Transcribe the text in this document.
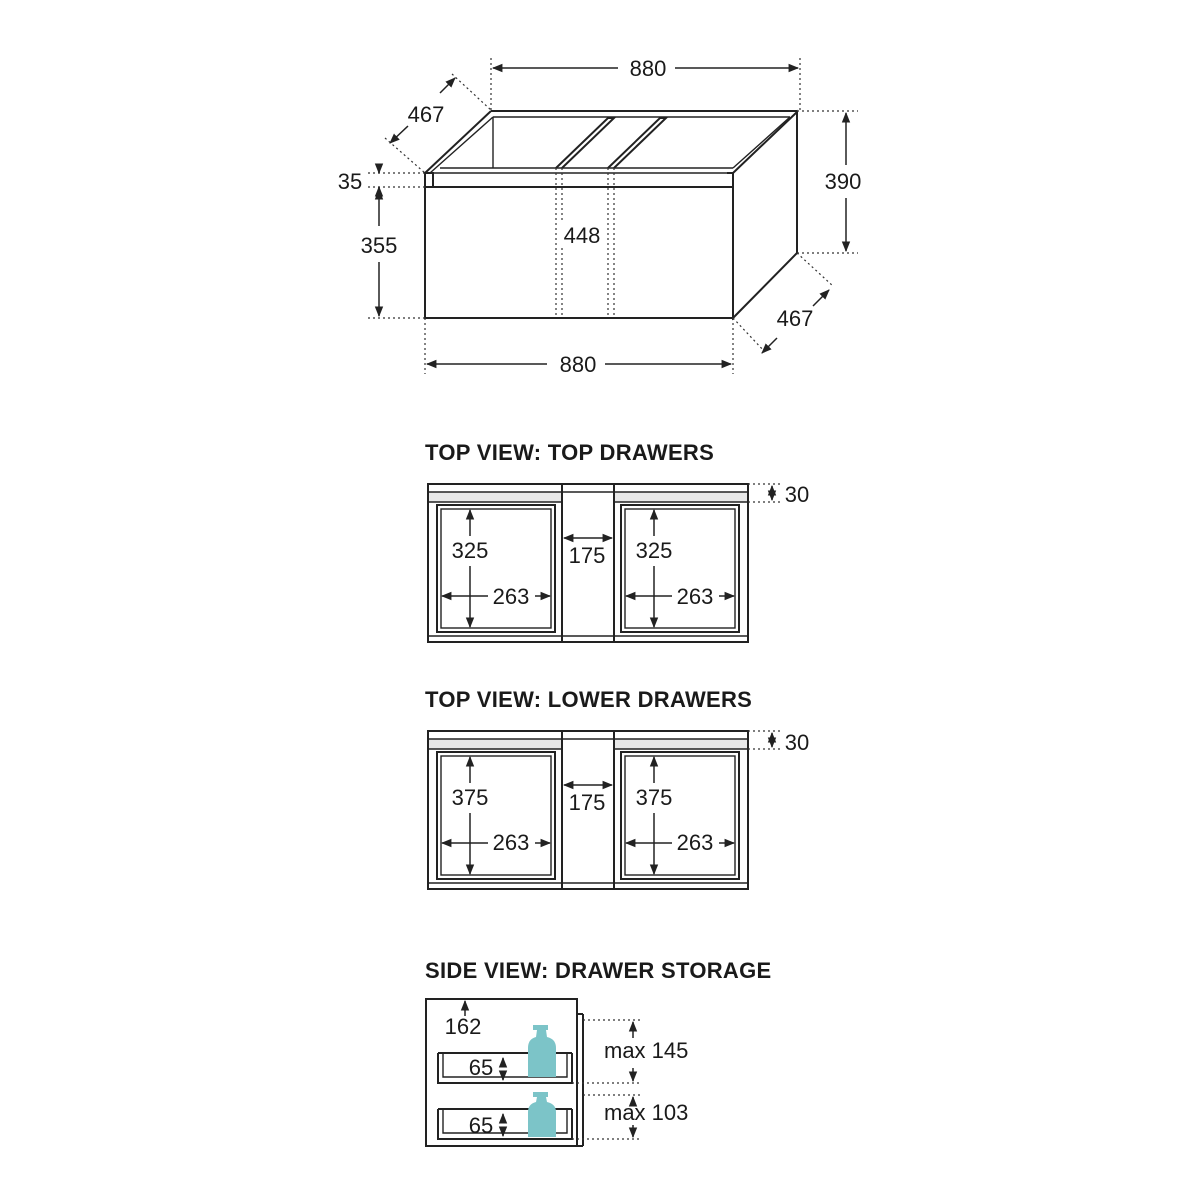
880
467
35
355
390
467
880
448
TOP VIEW: TOP DRAWERS
30
325
263
175 325
263
TOP VIEW: LOWER DRAWERS
30
375
263
175 375
263
SIDE VIEW: DRAWER STORAGE
162
65
65
max 145
max 103
